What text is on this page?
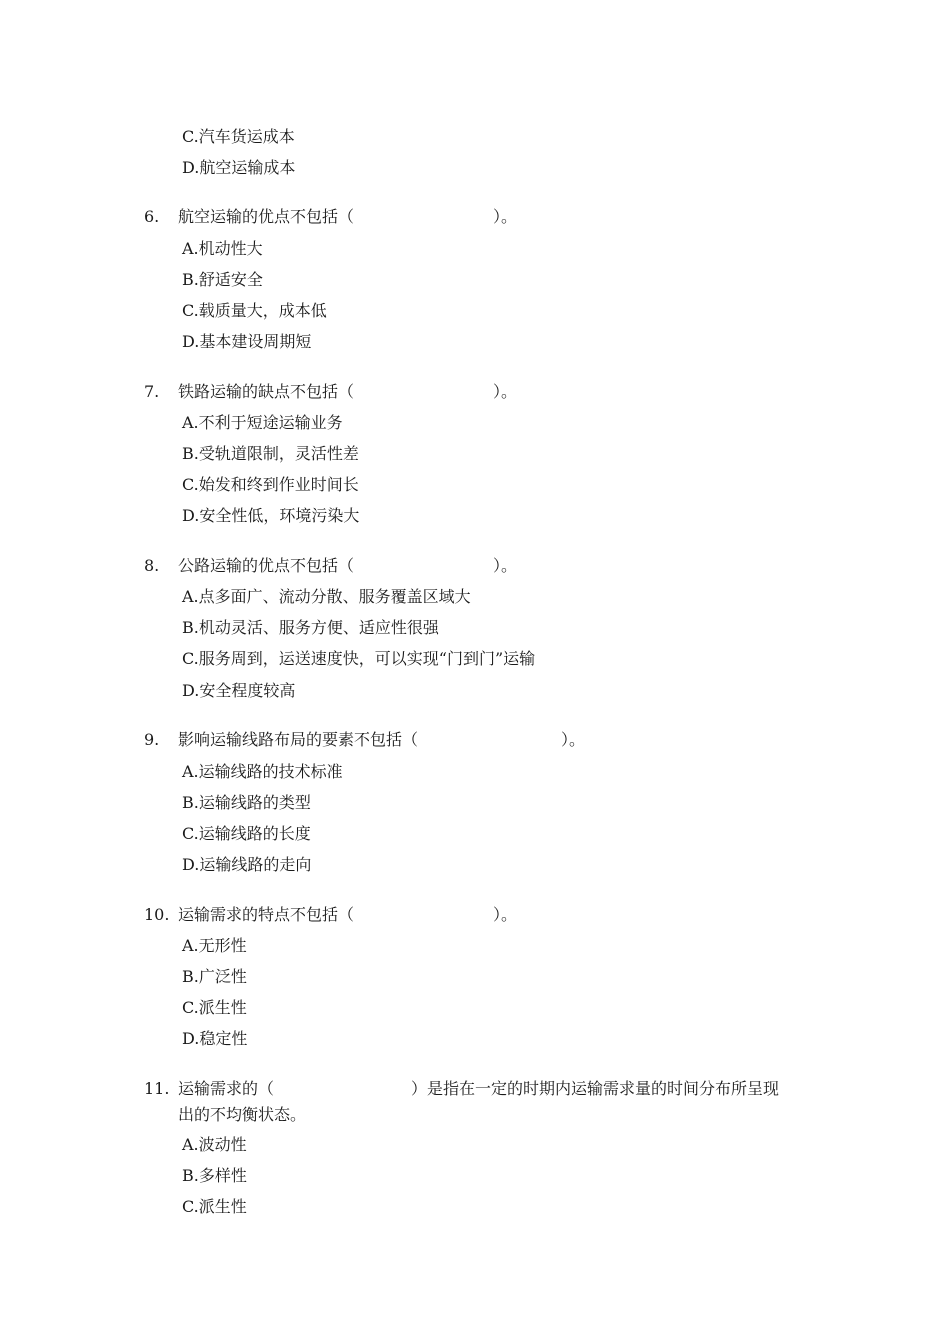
C.汽车货运成本
D.航空运输成本
6. 航空运输的优点不包括（	）。
A.机动性大
B.舒适安全
C.载质量大，成本低
D.基本建设周期短
7. 铁路运输的缺点不包括（	）。
A.不利于短途运输业务
B.受轨道限制，灵活性差
C.始发和终到作业时间长
D.安全性低，环境污染大
8. 公路运输的优点不包括（	）。
A.点多面广、流动分散、服务覆盖区域大
B.机动灵活、服务方便、适应性很强
C.服务周到，运送速度快，可以实现“门到门”运输
D.安全程度较高
9. 影响运输线路布局的要素不包括（	）。
A.运输线路的技术标准
B.运输线路的类型
C.运输线路的长度
D.运输线路的走向
10. 运输需求的特点不包括（	）。
A.无形性
B.广泛性
C.派生性
D.稳定性
11. 运输需求的（	）是指在一定的时期内运输需求量的时间分布所呈现
出的不均衡状态。
A.波动性
B.多样性
C.派生性
